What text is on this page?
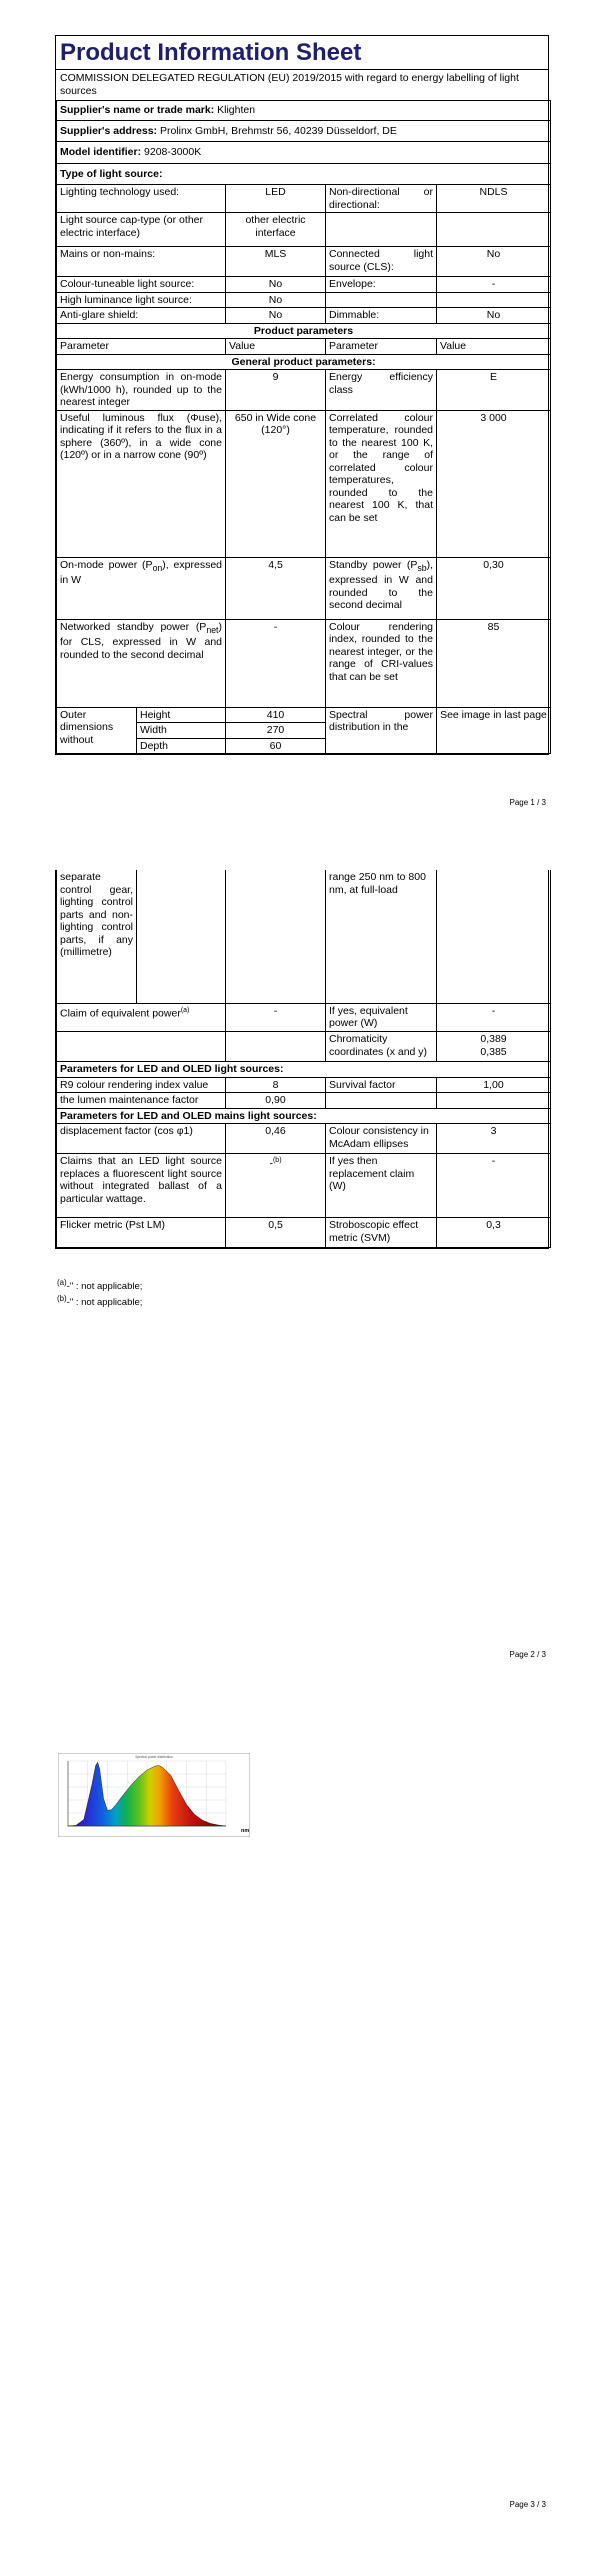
Product Information Sheet
COMMISSION DELEGATED REGULATION (EU) 2019/2015 with regard to energy labelling of light sources
Supplier's name or trade mark: Klighten			
Supplier's address: Prolinx GmbH, Brehmstr 56, 40239 Düsseldorf, DE			
Model identifier: 9208-3000K			
Type of light source:			
Lighting technology used:	LED	Non-directional or directional:	NDLS
Light source cap-type (or other electric interface)	other electric interface		
Mains or non-mains:	MLS	Connected light source (CLS):	No
Colour-tuneable light source:	No	Envelope:	-
High luminance light source:	No		
Anti-glare shield:	No	Dimmable:	No
Product parameters			
Parameter	Value	Parameter	Value
General product parameters:			
Energy consumption in on-mode (kWh/1000 h), rounded up to the nearest integer	9	Energy efficiency class	E
Useful luminous flux (Φuse), indicating if it refers to the flux in a sphere (360º), in a wide cone (120º) or in a narrow cone (90º)	650 in Wide cone (120°)	Correlated colour temperature, rounded to the nearest 100 K, or the range of correlated colour temperatures, rounded to the nearest 100 K, that can be set	3 000
On-mode power $(P_{on})$, expressed in W	4,5	Standby power $(P_{sb})$, expressed in W and rounded to the second decimal	0,30
Networked standby power $(P_{net})$ for CLS, expressed in W and rounded to the second decimal	-	Colour rendering index, rounded to the nearest integer, or the range of CRI-values that can be set	85
Outer dimensions without	Height	410	Spectral power distribution in the	See image in last page
	Width	270		
	Depth	60		
Page 1 / 3
separate control gear, lighting control parts and non-lighting control parts, if any (millimetre)			range 250 nm to 800 nm, at full-load	
Claim of equivalent power$^{(a)}$	-	If yes, equivalent power (W)	-
		Chromaticity coordinates (x and y)	0,389
0,385

Parameters for LED and OLED light sources:			
R9 colour rendering index value	8	Survival factor	1,00
the lumen maintenance factor	0,90		
Parameters for LED and OLED mains light sources:			
displacement factor (cos φ1)	0,46	Colour consistency in McAdam ellipses	3
Claims that an LED light source replaces a fluorescent light source without integrated ballast of a particular wattage.	-$^{(b)}$	If yes then replacement claim (W)	-
Flicker metric (Pst LM)	0,5	Stroboscopic effect metric (SVM)	0,3
$^{(a)}$-" : not applicable;
$^{(b)}$-" : not applicable;
Page 2 / 3
Spectral power distribution
nm
Page 3 / 3
